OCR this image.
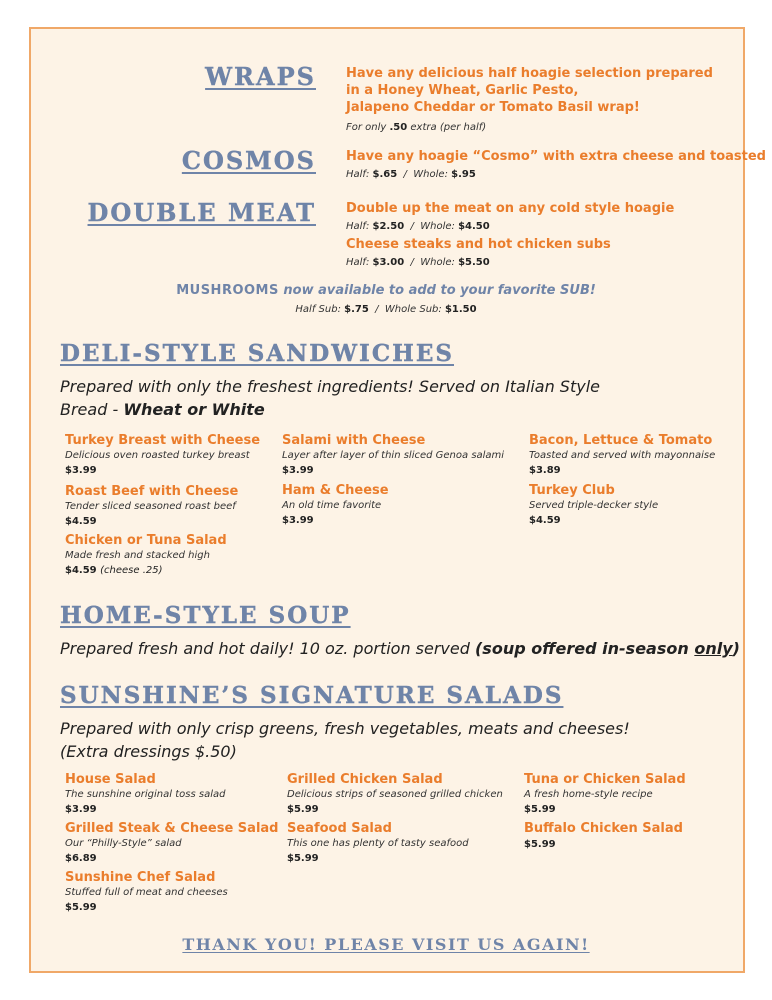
WRAPS Have any delicious half hoagie selection prepared
in a Honey Wheat, Garlic Pesto,
Jalapeno Cheddar or Tomato Basil wrap!
For only .50 extra (per half)
COSMOS Have any hoagie “Cosmo” with extra cheese and toasted
Half: $.65  /  Whole: $.95
DOUBLE MEAT Double up the meat on any cold style hoagie
Half: $2.50  /  Whole: $4.50
Cheese steaks and hot chicken subs
Half: $3.00  /  Whole: $5.50
MUSHROOMS now available to add to your favorite SUB!
Half Sub: $.75  /  Whole Sub: $1.50
DELI-STYLE SANDWICHES
Prepared with only the freshest ingredients! Served on Italian Style
Bread - Wheat or White
Turkey Breast with Cheese
Delicious oven roasted turkey breast
$3.99
Roast Beef with Cheese
Tender sliced seasoned roast beef
$4.59
Chicken or Tuna Salad
Made fresh and stacked high
$4.59 (cheese .25)
Salami with Cheese
Layer after layer of thin sliced Genoa salami
$3.99
Ham & Cheese
An old time favorite
$3.99
Bacon, Lettuce & Tomato
Toasted and served with mayonnaise
$3.89
Turkey Club
Served triple-decker style
$4.59
HOME-STYLE SOUP
Prepared fresh and hot daily! 10 oz. portion served (soup offered in-season only)
SUNSHINE’S SIGNATURE SALADS
Prepared with only crisp greens, fresh vegetables, meats and cheeses!
(Extra dressings $.50)
House Salad
The sunshine original toss salad
$3.99
Grilled Steak & Cheese Salad
Our “Philly-Style” salad
$6.89
Sunshine Chef Salad
Stuffed full of meat and cheeses
$5.99
Grilled Chicken Salad
Delicious strips of seasoned grilled chicken
$5.99
Seafood Salad
This one has plenty of tasty seafood
$5.99
Tuna or Chicken Salad
A fresh home-style recipe
$5.99
Buffalo Chicken Salad
$5.99
THANK YOU! PLEASE VISIT US AGAIN!
